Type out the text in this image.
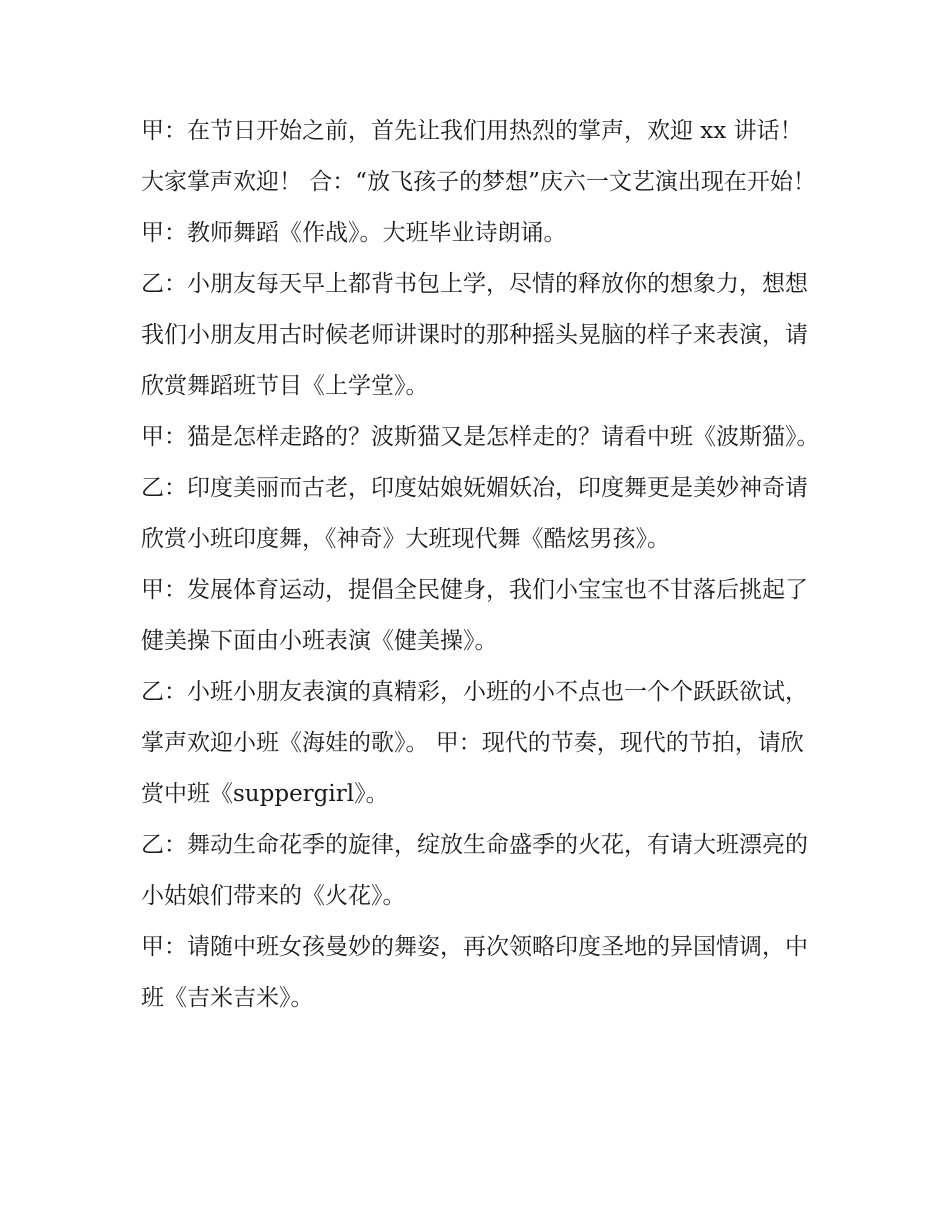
甲：在节日开始之前，首先让我们用热烈的掌声，欢迎 xx 讲话！大家掌声欢迎！ 合：“放飞孩子的梦想”庆六一文艺演出现在开始！

甲：教师舞蹈《作战》。大班毕业诗朗诵。

乙：小朋友每天早上都背书包上学，尽情的释放你的想象力，想想我们小朋友用古时候老师讲课时的那种摇头晃脑的样子来表演，请欣赏舞蹈班节目《上学堂》。

甲：猫是怎样走路的？波斯猫又是怎样走的？请看中班《波斯猫》。

乙：印度美丽而古老，印度姑娘妩媚妖冶，印度舞更是美妙神奇请欣赏小班印度舞，《神奇》大班现代舞《酷炫男孩》。

甲：发展体育运动，提倡全民健身，我们小宝宝也不甘落后挑起了健美操下面由小班表演《健美操》。

乙：小班小朋友表演的真精彩，小班的小不点也一个个跃跃欲试，掌声欢迎小班《海娃的歌》。 甲：现代的节奏，现代的节拍，请欣赏中班《suppergirl》。

乙：舞动生命花季的旋律，绽放生命盛季的火花，有请大班漂亮的小姑娘们带来的《火花》。

甲：请随中班女孩曼妙的舞姿，再次领略印度圣地的异国情调，中班《吉米吉米》。
